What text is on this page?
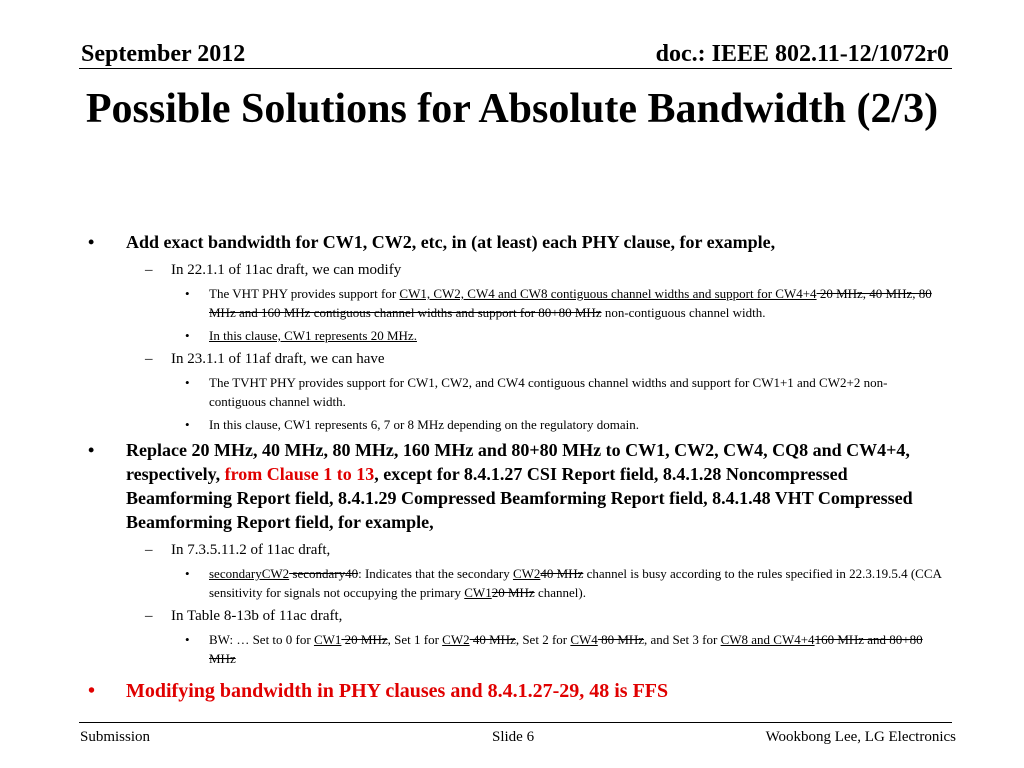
September 2012	doc.: IEEE 802.11-12/1072r0
Possible Solutions for Absolute Bandwidth (2/3)
• Add exact bandwidth for CW1, CW2, etc, in (at least) each PHY clause, for example,
– In 22.1.1 of 11ac draft, we can modify
• The VHT PHY provides support for CW1, CW2, CW4 and CW8 contiguous channel widths and support for CW4+4 20 MHz, 40 MHz, 80 MHz and 160 MHz contiguous channel widths and support for 80+80 MHz non-contiguous channel width.
• In this clause, CW1 represents 20 MHz.
– In 23.1.1 of 11af draft, we can have
• The TVHT PHY provides support for CW1, CW2, and CW4 contiguous channel widths and support for CW1+1 and CW2+2 non-contiguous channel width.
• In this clause, CW1 represents 6, 7 or 8 MHz depending on the regulatory domain.
• Replace 20 MHz, 40 MHz, 80 MHz, 160 MHz and 80+80 MHz to CW1, CW2, CW4, CQ8 and CW4+4, respectively, from Clause 1 to 13, except for 8.4.1.27 CSI Report field, 8.4.1.28 Noncompressed Beamforming Report field, 8.4.1.29 Compressed Beamforming Report field, 8.4.1.48 VHT Compressed Beamforming Report field, for example,
– In 7.3.5.11.2 of 11ac draft,
• secondaryCW2 secondary40: Indicates that the secondary CW240 MHz channel is busy according to the rules specified in 22.3.19.5.4 (CCA sensitivity for signals not occupying the primary CW120 MHz channel).
– In Table 8-13b of 11ac draft,
• BW: … Set to 0 for CW1 20 MHz, Set 1 for CW2 40 MHz, Set 2 for CW4 80 MHz, and Set 3 for CW8 and CW4+4160 MHz and 80+80 MHz
• Modifying bandwidth in PHY clauses and 8.4.1.27-29, 48 is FFS
Submission	Slide 6	Wookbong Lee, LG Electronics
